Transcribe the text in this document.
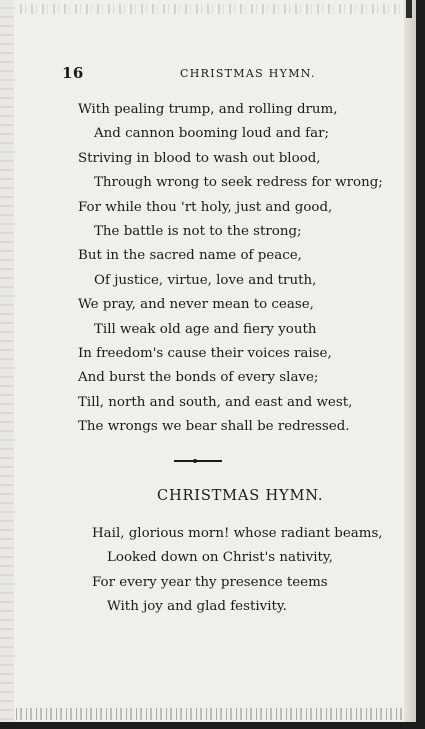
16	CHRISTMAS HYMN.
With pealing trump, and rolling drum,
And cannon booming loud and far;
Striving in blood to wash out blood,
Through wrong to seek redress for wrong;
For while thou 'rt holy, just and good,
The battle is not to the strong;
But in the sacred name of peace,
Of justice, virtue, love and truth,
We pray, and never mean to cease,
Till weak old age and fiery youth
In freedom's cause their voices raise,
And burst the bonds of every slave;
Till, north and south, and east and west,
The wrongs we bear shall be redressed.
CHRISTMAS HYMN.
Hail, glorious morn! whose radiant beams,
Looked down on Christ's nativity,
For every year thy presence teems
With joy and glad festivity.
